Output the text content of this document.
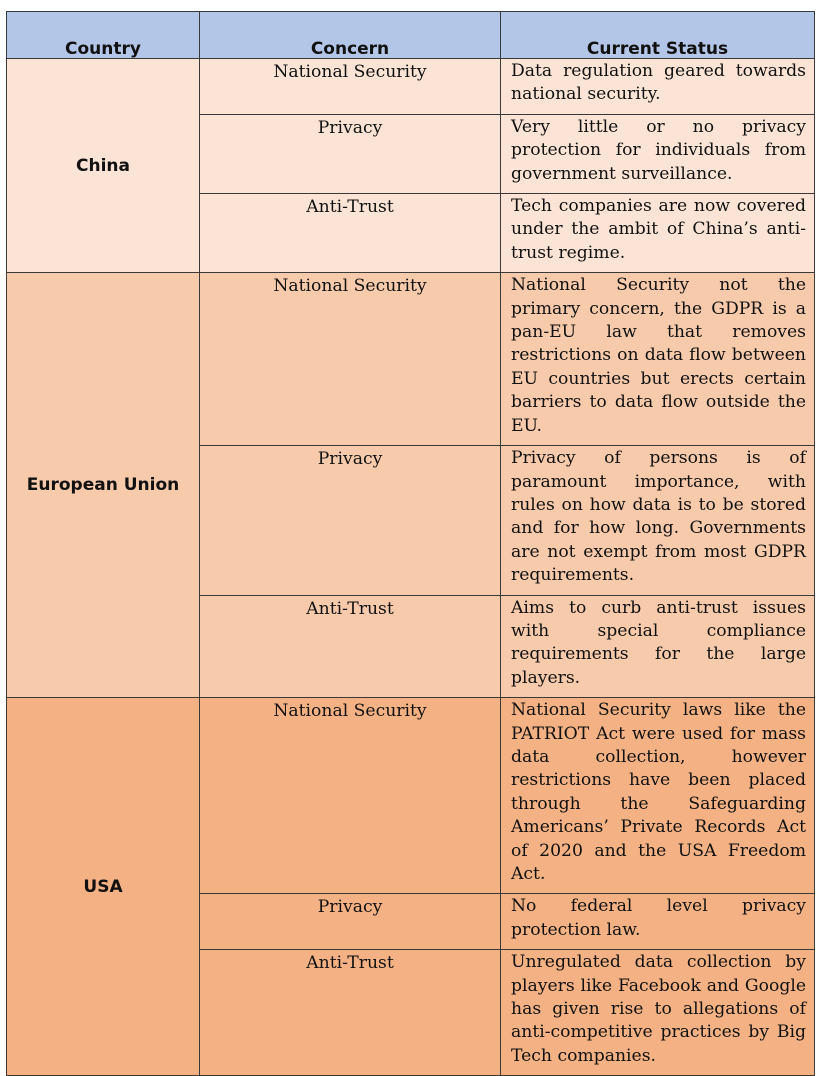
Country	Concern	Current Status
China	National Security	Data regulation geared towards national security.
	Privacy	Very little or no privacy protection for individuals from government surveillance.
	Anti-Trust	Tech companies are now covered under the ambit of China’s anti-trust regime.
European Union	National Security	National Security not the primary concern, the GDPR is a pan-EU law that removes restrictions on data flow between EU countries but erects certain barriers to data flow outside the EU.
	Privacy	Privacy of persons is of paramount importance, with rules on how data is to be stored and for how long. Governments are not exempt from most GDPR requirements.
	Anti-Trust	Aims to curb anti-trust issues with special compliance requirements for the large players.
USA	National Security	National Security laws like the PATRIOT Act were used for mass data collection, however restrictions have been placed through the Safeguarding Americans’ Private Records Act of 2020 and the USA Freedom Act.
	Privacy	No federal level privacy protection law.
	Anti-Trust	Unregulated data collection by players like Facebook and Google has given rise to allegations of anti-competitive practices by Big Tech companies.
